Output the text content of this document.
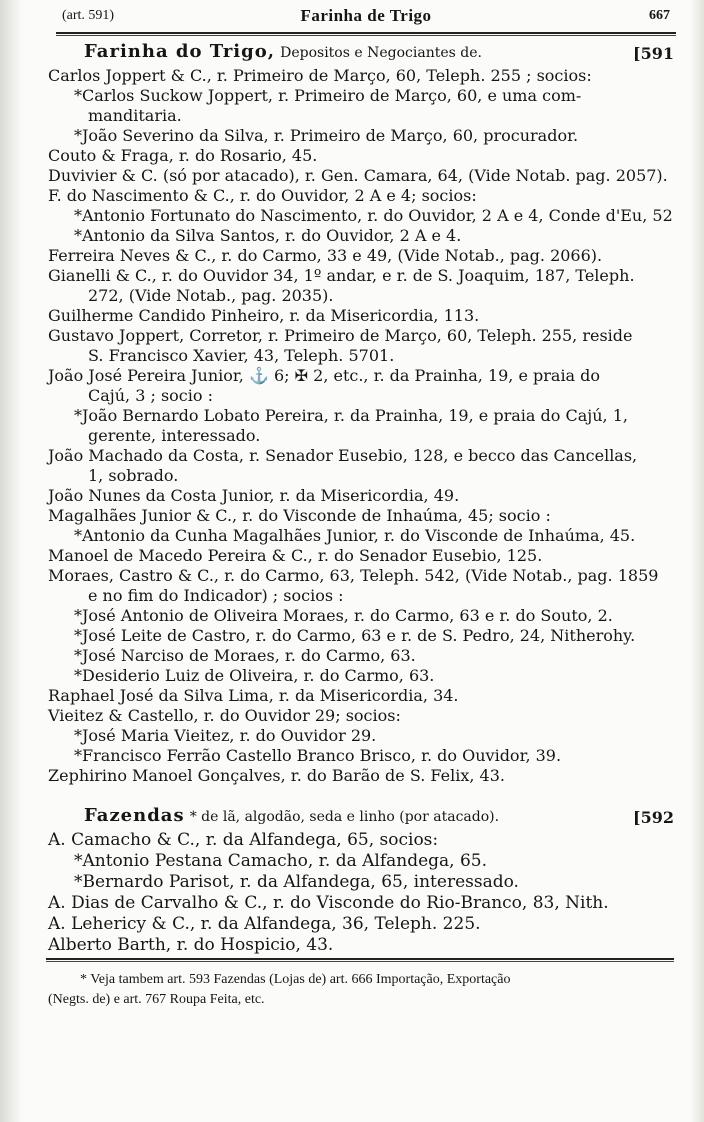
(art. 591)	Farinha de Trigo	667
Farinha do Trigo, Depositos e Negociantes de.	[591
Carlos Joppert & C., r. Primeiro de Março, 60, Teleph. 255 ; socios:
*Carlos Suckow Joppert, r. Primeiro de Março, 60, e uma com-
manditaria.
*João Severino da Silva, r. Primeiro de Março, 60, procurador.
Couto & Fraga, r. do Rosario, 45.
Duvivier & C. (só por atacado), r. Gen. Camara, 64, (Vide Notab. pag. 2057).
F. do Nascimento & C., r. do Ouvidor, 2 A e 4; socios:
*Antonio Fortunato do Nascimento, r. do Ouvidor, 2 A e 4, Conde d'Eu, 52
*Antonio da Silva Santos, r. do Ouvidor, 2 A e 4.
Ferreira Neves & C., r. do Carmo, 33 e 49, (Vide Notab., pag. 2066).
Gianelli & C., r. do Ouvidor 34, 1º andar, e r. de S. Joaquim, 187, Teleph.
272, (Vide Notab., pag. 2035).
Guilherme Candido Pinheiro, r. da Misericordia, 113.
Gustavo Joppert, Corretor, r. Primeiro de Março, 60, Teleph. 255, reside
S. Francisco Xavier, 43, Teleph. 5701.
João José Pereira Junior, ⚓ 6; ✠ 2, etc., r. da Prainha, 19, e praia do
Cajú, 3 ; socio :
*João Bernardo Lobato Pereira, r. da Prainha, 19, e praia do Cajú, 1,
gerente, interessado.
João Machado da Costa, r. Senador Eusebio, 128, e becco das Cancellas,
1, sobrado.
João Nunes da Costa Junior, r. da Misericordia, 49.
Magalhães Junior & C., r. do Visconde de Inhaúma, 45; socio :
*Antonio da Cunha Magalhães Junior, r. do Visconde de Inhaúma, 45.
Manoel de Macedo Pereira & C., r. do Senador Eusebio, 125.
Moraes, Castro & C., r. do Carmo, 63, Teleph. 542, (Vide Notab., pag. 1859
e no fim do Indicador) ; socios :
*José Antonio de Oliveira Moraes, r. do Carmo, 63 e r. do Souto, 2.
*José Leite de Castro, r. do Carmo, 63 e r. de S. Pedro, 24, Nitherohy.
*José Narciso de Moraes, r. do Carmo, 63.
*Desiderio Luiz de Oliveira, r. do Carmo, 63.
Raphael José da Silva Lima, r. da Misericordia, 34.
Vieitez & Castello, r. do Ouvidor 29; socios:
*José Maria Vieitez, r. do Ouvidor 29.
*Francisco Ferrão Castello Branco Brisco, r. do Ouvidor, 39.
Zephirino Manoel Gonçalves, r. do Barão de S. Felix, 43.
Fazendas * de lã, algodão, seda e linho (por atacado).	[592
A. Camacho & C., r. da Alfandega, 65, socios:
*Antonio Pestana Camacho, r. da Alfandega, 65.
*Bernardo Parisot, r. da Alfandega, 65, interessado.
A. Dias de Carvalho & C., r. do Visconde do Rio-Branco, 83, Nith.
A. Lehericy & C., r. da Alfandega, 36, Teleph. 225.
Alberto Barth, r. do Hospicio, 43.
* Veja tambem art. 593 Fazendas (Lojas de) art. 666 Importação, Exportação
(Negts. de) e art. 767 Roupa Feita, etc.
